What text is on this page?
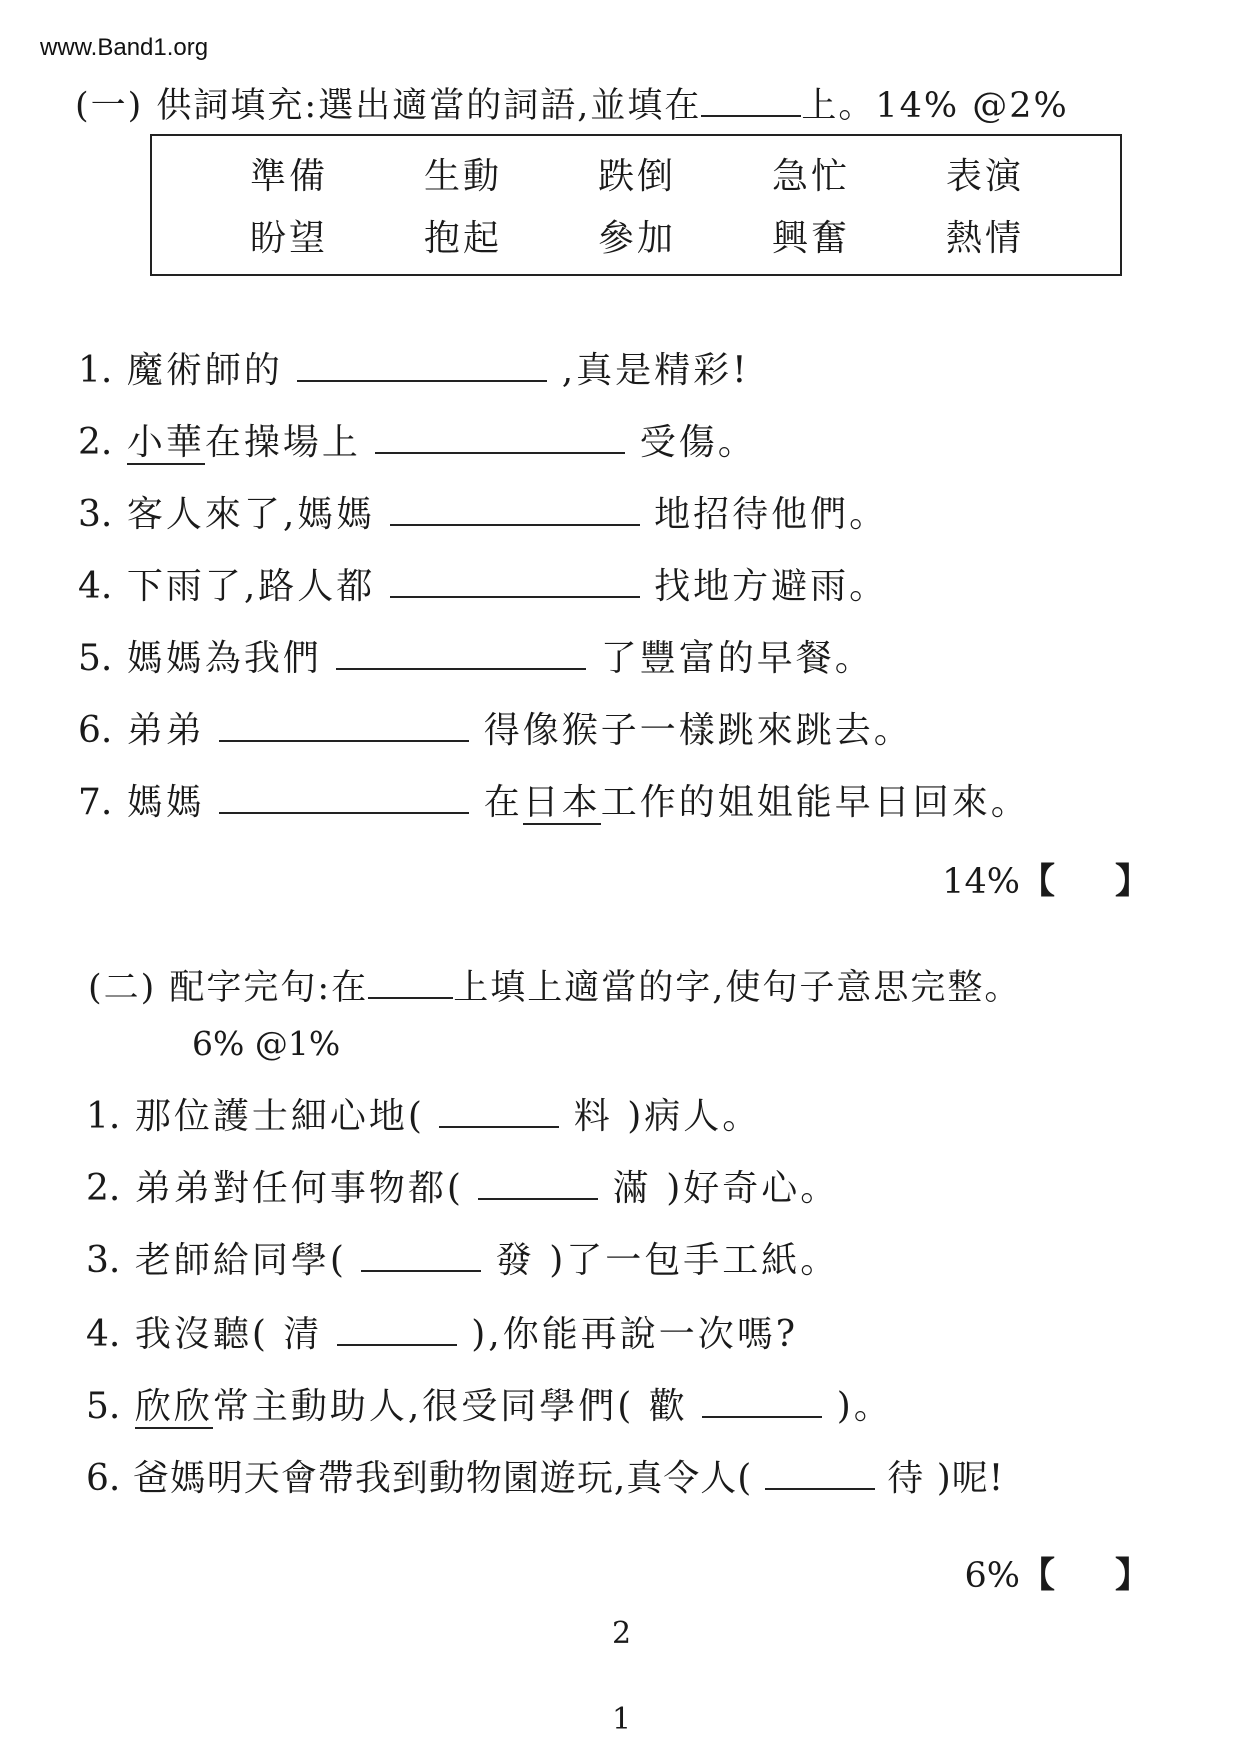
www.Band1.org
(一) 供詞填充:選出適當的詞語,並填在	上。14% @2%
準備	生動	跌倒	急忙	表演
盼望	抱起	參加	興奮	熱情
1. 魔術師的	,真是精彩!
2. 小華在操場上	受傷。
3. 客人來了,媽媽	地招待他們。
4. 下雨了,路人都	找地方避雨。
5. 媽媽為我們	了豐富的早餐。
6. 弟弟	得像猴子一樣跳來跳去。
7. 媽媽	在日本工作的姐姐能早日回來。
14%【 】
(二) 配字完句:在 上填上適當的字,使句子意思完整。
6% @1%
1. 那位護士細心地(	料 )病人。
2. 弟弟對任何事物都(	滿 )好奇心。
3. 老師給同學(	發 )了一包手工紙。
4. 我沒聽( 清	),你能再說一次嗎?
5. 欣欣常主動助人,很受同學們( 歡	)。
6. 爸媽明天會帶我到動物園遊玩,真令人(	待 )呢!
6%【 】
2
1
